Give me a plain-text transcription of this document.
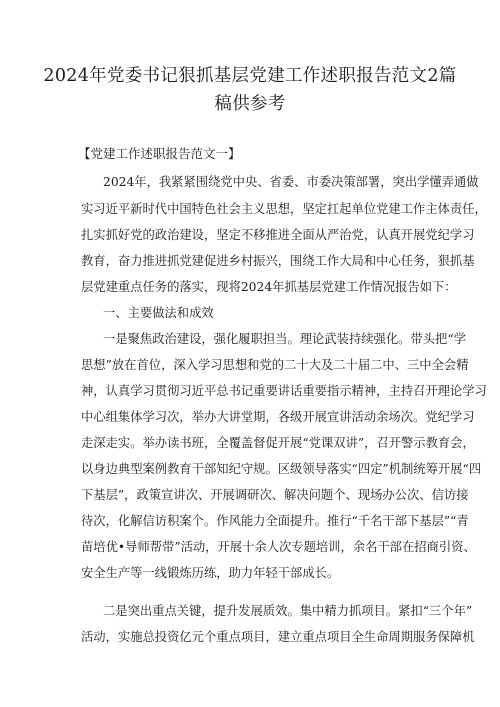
2024年党委书记狠抓基层党建工作述职报告范文2篇
稿供参考
【党建工作述职报告范文一】
2024年，我紧紧围绕党中央、省委、市委决策部署，突出学懂弄通做
实习近平新时代中国特色社会主义思想，坚定扛起单位党建工作主体责任，
扎实抓好党的政治建设，坚定不移推进全面从严治党，认真开展党纪学习
教育，奋力推进抓党建促进乡村振兴，围绕工作大局和中心任务，狠抓基
层党建重点任务的落实，现将2024年抓基层党建工作情况报告如下：
一、主要做法和成效
一是聚焦政治建设，强化履职担当。理论武装持续强化。带头把“学
思想”放在首位，深入学习思想和党的二十大及二十届二中、三中全会精
神，认真学习贯彻习近平总书记重要讲话重要指示精神，主持召开理论学习
中心组集体学习次，举办大讲堂期，各级开展宣讲活动余场次。党纪学习
走深走实。举办读书班，全覆盖督促开展“党课双讲”，召开警示教育会，
以身边典型案例教育干部知纪守规。区级领导落实“四定”机制统筹开展“四
下基层”，政策宣讲次、开展调研次、解决问题个、现场办公次、信访接
待次，化解信访积案个。作风能力全面提升。推行“千名干部下基层”“青
苗培优•导师帮带”活动，开展十余人次专题培训，余名干部在招商引资、
安全生产等一线锻炼历练，助力年轻干部成长。
二是突出重点关键，提升发展质效。集中精力抓项目。紧扣“三个年”
活动，实施总投资亿元个重点项目，建立重点项目全生命周期服务保障机
